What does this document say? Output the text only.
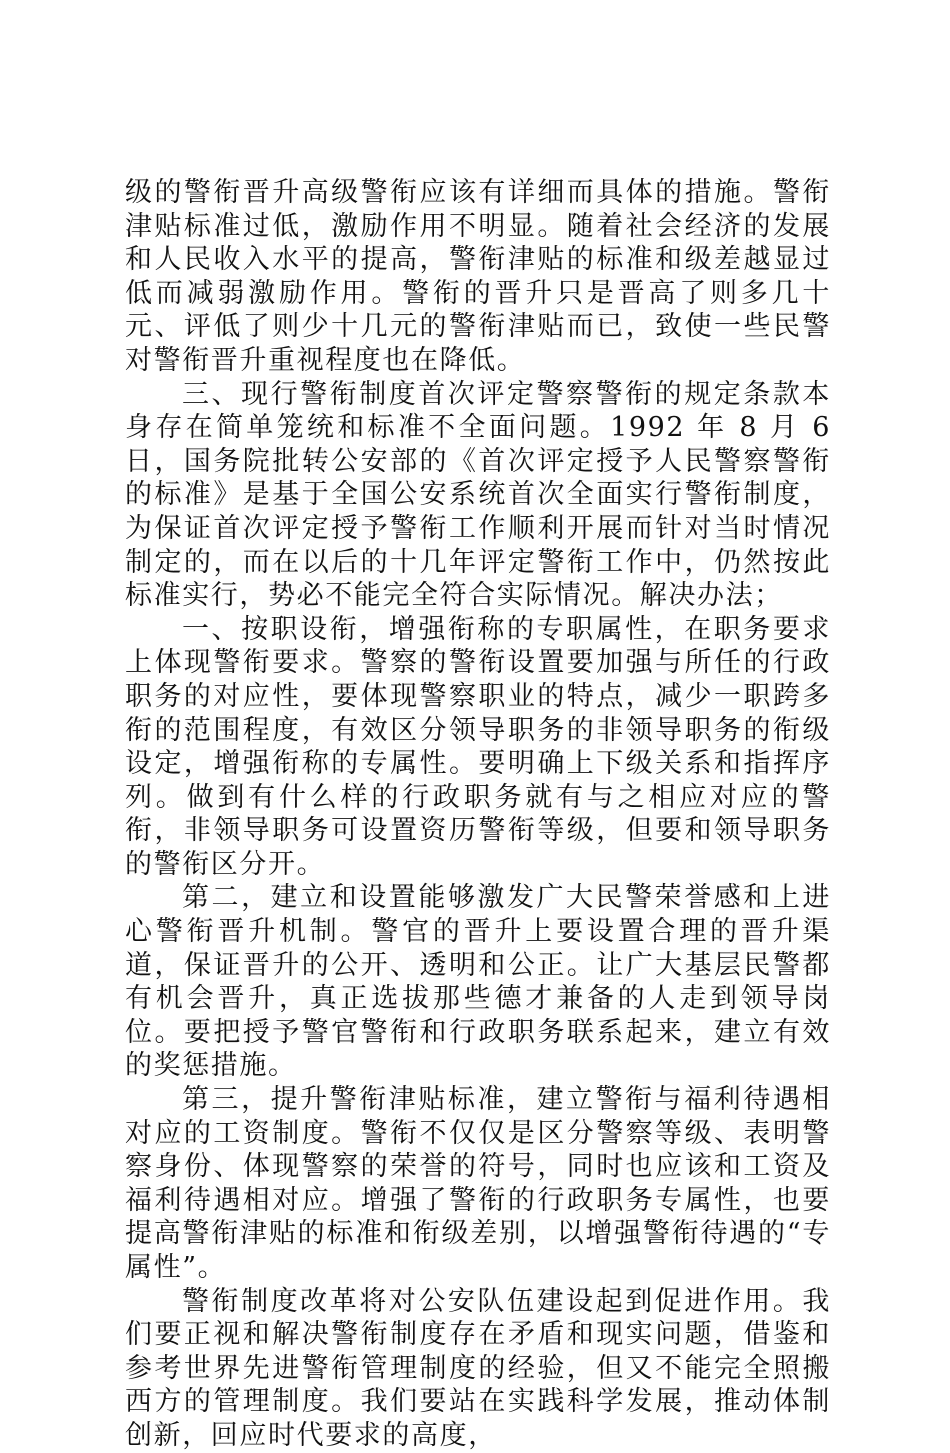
级的警衔晋升高级警衔应该有详细而具体的措施。警衔津贴标准过低，激励作用不明显。随着社会经济的发展和人民收入水平的提高，警衔津贴的标准和级差越显过低而减弱激励作用。警衔的晋升只是晋高了则多几十元、评低了则少十几元的警衔津贴而已，致使一些民警对警衔晋升重视程度也在降低。

三、现行警衔制度首次评定警察警衔的规定条款本身存在简单笼统和标准不全面问题。1992 年 8 月 6 日，国务院批转公安部的《首次评定授予人民警察警衔的标准》是基于全国公安系统首次全面实行警衔制度，为保证首次评定授予警衔工作顺利开展而针对当时情况制定的，而在以后的十几年评定警衔工作中，仍然按此标准实行，势必不能完全符合实际情况。解决办法；

一、按职设衔，增强衔称的专职属性，在职务要求上体现警衔要求。警察的警衔设置要加强与所任的行政职务的对应性，要体现警察职业的特点，减少一职跨多衔的范围程度，有效区分领导职务的非领导职务的衔级设定，增强衔称的专属性。要明确上下级关系和指挥序列。做到有什么样的行政职务就有与之相应对应的警衔，非领导职务可设置资历警衔等级，但要和领导职务的警衔区分开。

第二，建立和设置能够激发广大民警荣誉感和上进心警衔晋升机制。警官的晋升上要设置合理的晋升渠道，保证晋升的公开、透明和公正。让广大基层民警都有机会晋升，真正选拔那些德才兼备的人走到领导岗位。要把授予警官警衔和行政职务联系起来，建立有效的奖惩措施。

第三，提升警衔津贴标准，建立警衔与福利待遇相对应的工资制度。警衔不仅仅是区分警察等级、表明警察身份、体现警察的荣誉的符号，同时也应该和工资及福利待遇相对应。增强了警衔的行政职务专属性，也要提高警衔津贴的标准和衔级差别，以增强警衔待遇的“专属性”。

警衔制度改革将对公安队伍建设起到促进作用。我们要正视和解决警衔制度存在矛盾和现实问题，借鉴和参考世界先进警衔管理制度的经验，但又不能完全照搬西方的管理制度。我们要站在实践科学发展，推动体制创新，回应时代要求的高度，
